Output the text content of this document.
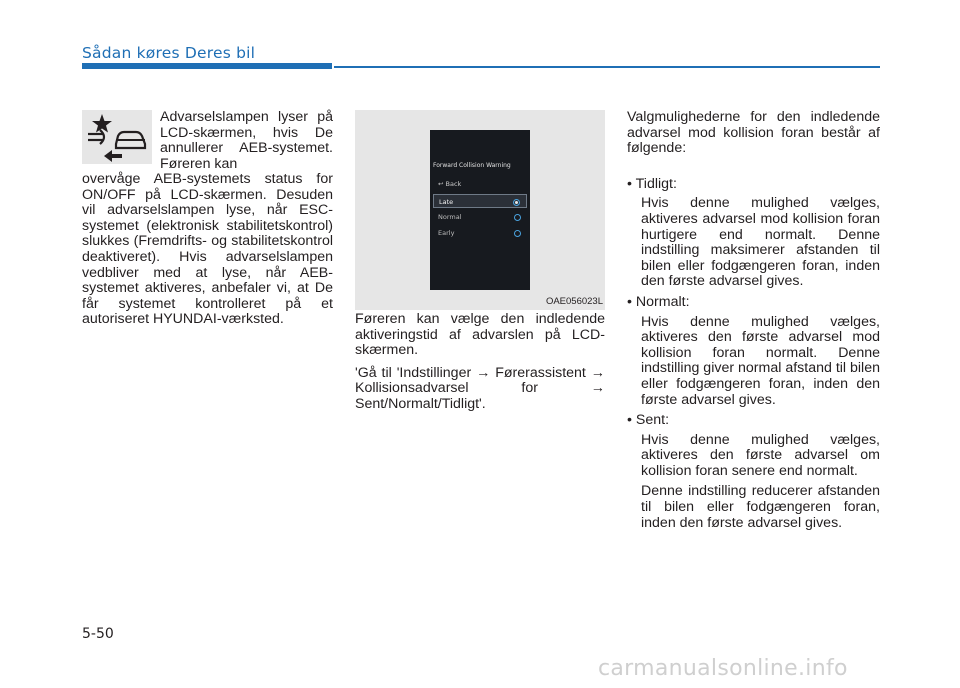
Sådan køres Deres bil
Advarselslampen lyser på LCD-skærmen, hvis De annullerer AEB-systemet. Føreren kan
overvåge AEB-systemets status for ON/OFF på LCD-skærmen. Desuden vil advarselslampen lyse, når ESC-systemet (elektronisk stabilitetskontrol) slukkes (Fremdrifts- og stabilitetskontrol deaktiveret). Hvis advarselslampen vedbliver med at lyse, når AEB-systemet aktiveres, anbefaler vi, at De får systemet kontrolleret på et autoriseret HYUNDAI-værksted.
Forward Collision Warning
↩ Back
Late
Normal
Early
OAE056023L

Føreren kan vælge den indledende aktiveringstid af advarslen på LCD-skærmen.

'Gå til 'Indstillinger → Førerassistent → Kollisionsadvarsel for → Sent/Normalt/Tidligt'.

Valgmulighederne for den indledende advarsel mod kollision foran består af følgende:

• Tidligt:

Hvis denne mulighed vælges, aktiveres advarsel mod kollision foran hurtigere end normalt. Denne indstilling maksimerer afstanden til bilen eller fodgængeren foran, inden den første advarsel gives.

• Normalt:

Hvis denne mulighed vælges, aktiveres den første advarsel mod kollision foran normalt. Denne indstilling giver normal afstand til bilen eller fodgængeren foran, inden den første advarsel gives.

• Sent:

Hvis denne mulighed vælges, aktiveres den første advarsel om kollision foran senere end normalt.

Denne indstilling reducerer afstanden til bilen eller fodgængeren foran, inden den første advarsel gives.

5-50
carmanualsonline.info
